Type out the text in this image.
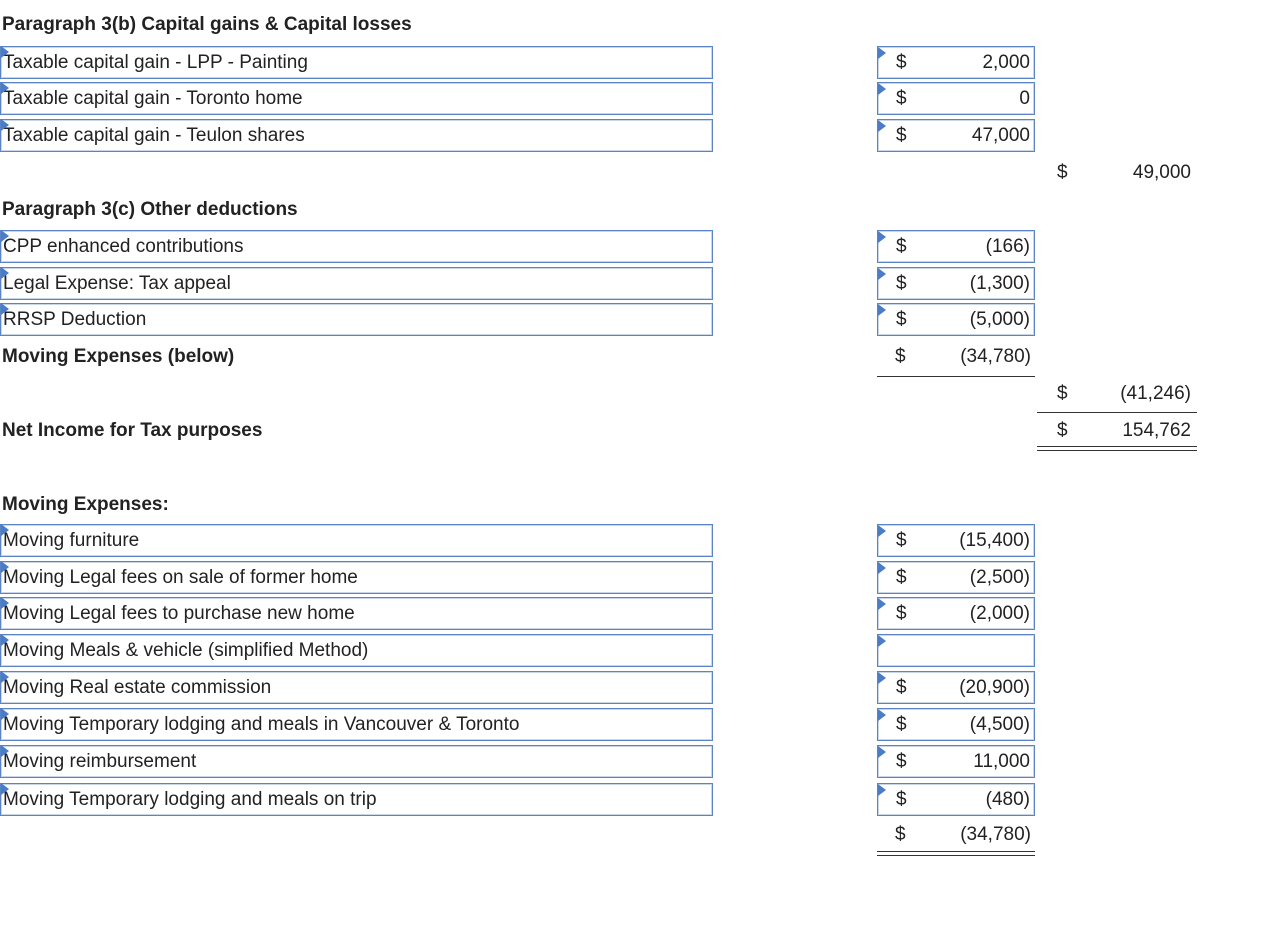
Paragraph 3(b) Capital gains & Capital losses
Taxable capital gain - LPP - Painting	$	2,000
Taxable capital gain - Toronto home	$	0
Taxable capital gain - Teulon shares	$	47,000
$	49,000
Paragraph 3(c) Other deductions
CPP enhanced contributions	$	(166)
Legal Expense: Tax appeal	$	(1,300)
RRSP Deduction	$	(5,000)
Moving Expenses (below)	$	(34,780)
$	(41,246)
Net Income for Tax purposes	$	154,762
Moving Expenses:
Moving furniture	$	(15,400)
Moving Legal fees on sale of former home	$	(2,500)
Moving Legal fees to purchase new home	$	(2,000)
Moving Meals & vehicle (simplified Method)
Moving Real estate commission	$	(20,900)
Moving Temporary lodging and meals in Vancouver & Toronto	$	(4,500)
Moving reimbursement	$	11,000
Moving Temporary lodging and meals on trip	$	(480)
$	(34,780)
